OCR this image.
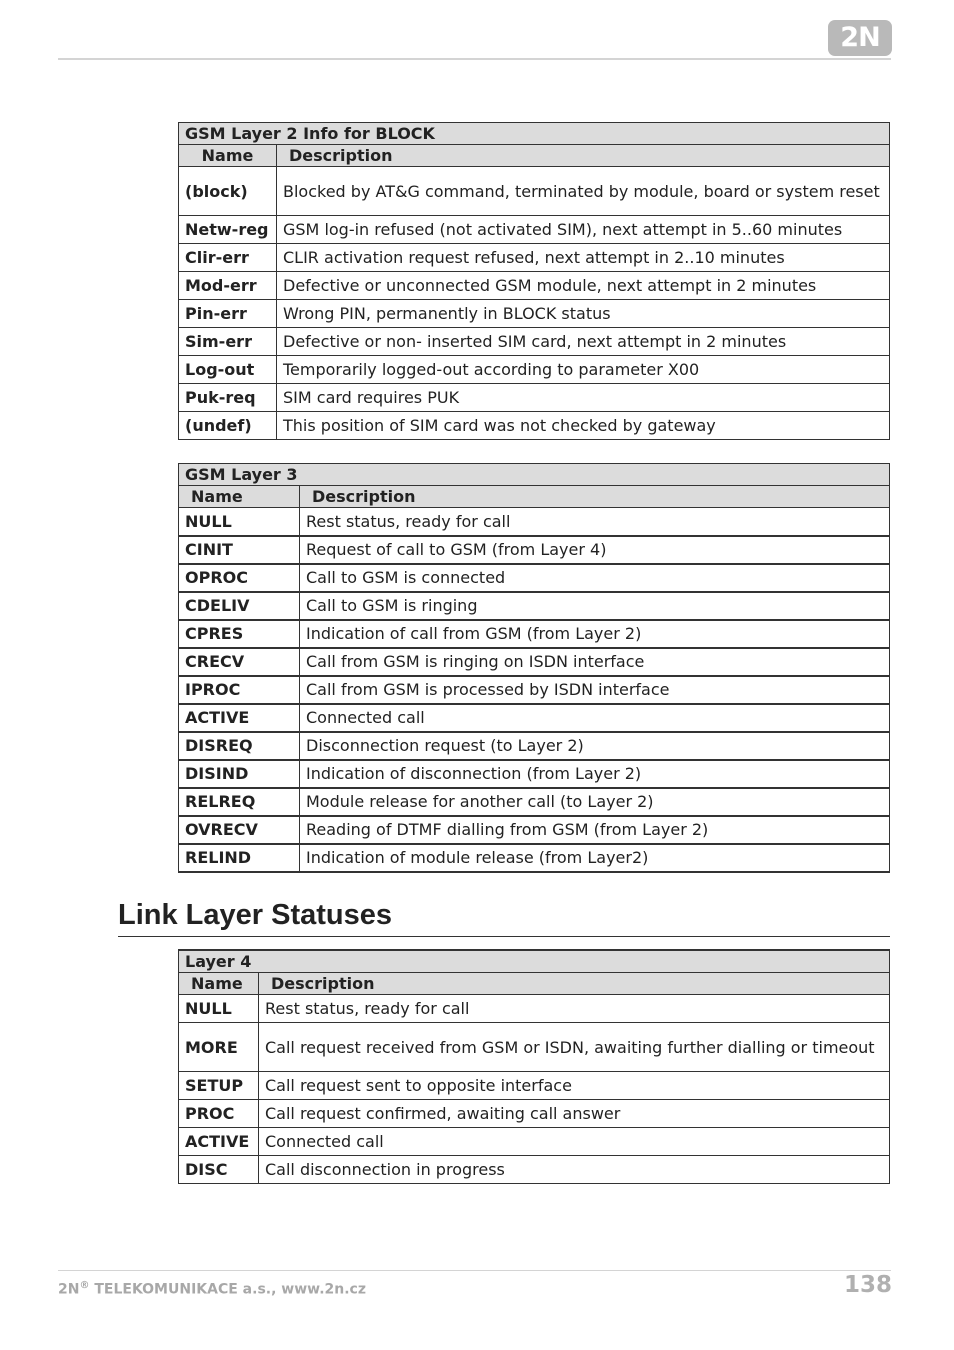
2N
GSM Layer 2 Info for BLOCK	
Name	Description
(block)	Blocked by AT&G command, terminated by module, board or system reset
Netw-reg	GSM log-in refused (not activated SIM), next attempt in 5..60 minutes
Clir-err	CLIR activation request refused, next attempt in 2..10 minutes
Mod-err	Defective or unconnected GSM module, next attempt in 2 minutes
Pin-err	Wrong PIN, permanently in BLOCK status
Sim-err	Defective or non- inserted SIM card, next attempt in 2 minutes
Log-out	Temporarily logged-out according to parameter X00
Puk-req	SIM card requires PUK
(undef)	This position of SIM card was not checked by gateway
GSM Layer 3	
Name	Description
NULL	Rest status, ready for call
CINIT	Request of call to GSM (from Layer 4)
OPROC	Call to GSM is connected
CDELIV	Call to GSM is ringing
CPRES	Indication of call from GSM (from Layer 2)
CRECV	Call from GSM is ringing on ISDN interface
IPROC	Call from GSM is processed by ISDN interface
ACTIVE	Connected call
DISREQ	Disconnection request (to Layer 2)
DISIND	Indication of disconnection (from Layer 2)
RELREQ	Module release for another call (to Layer 2)
OVRECV	Reading of DTMF dialling from GSM (from Layer 2)
RELIND	Indication of module release (from Layer2)
Link Layer Statuses
Layer 4	
Name	Description
NULL	Rest status, ready for call
MORE	Call request received from GSM or ISDN, awaiting further dialling or timeout
SETUP	Call request sent to opposite interface
PROC	Call request confirmed, awaiting call answer
ACTIVE	Connected call
DISC	Call disconnection in progress
2N® TELEKOMUNIKACE a.s., www.2n.cz	138
